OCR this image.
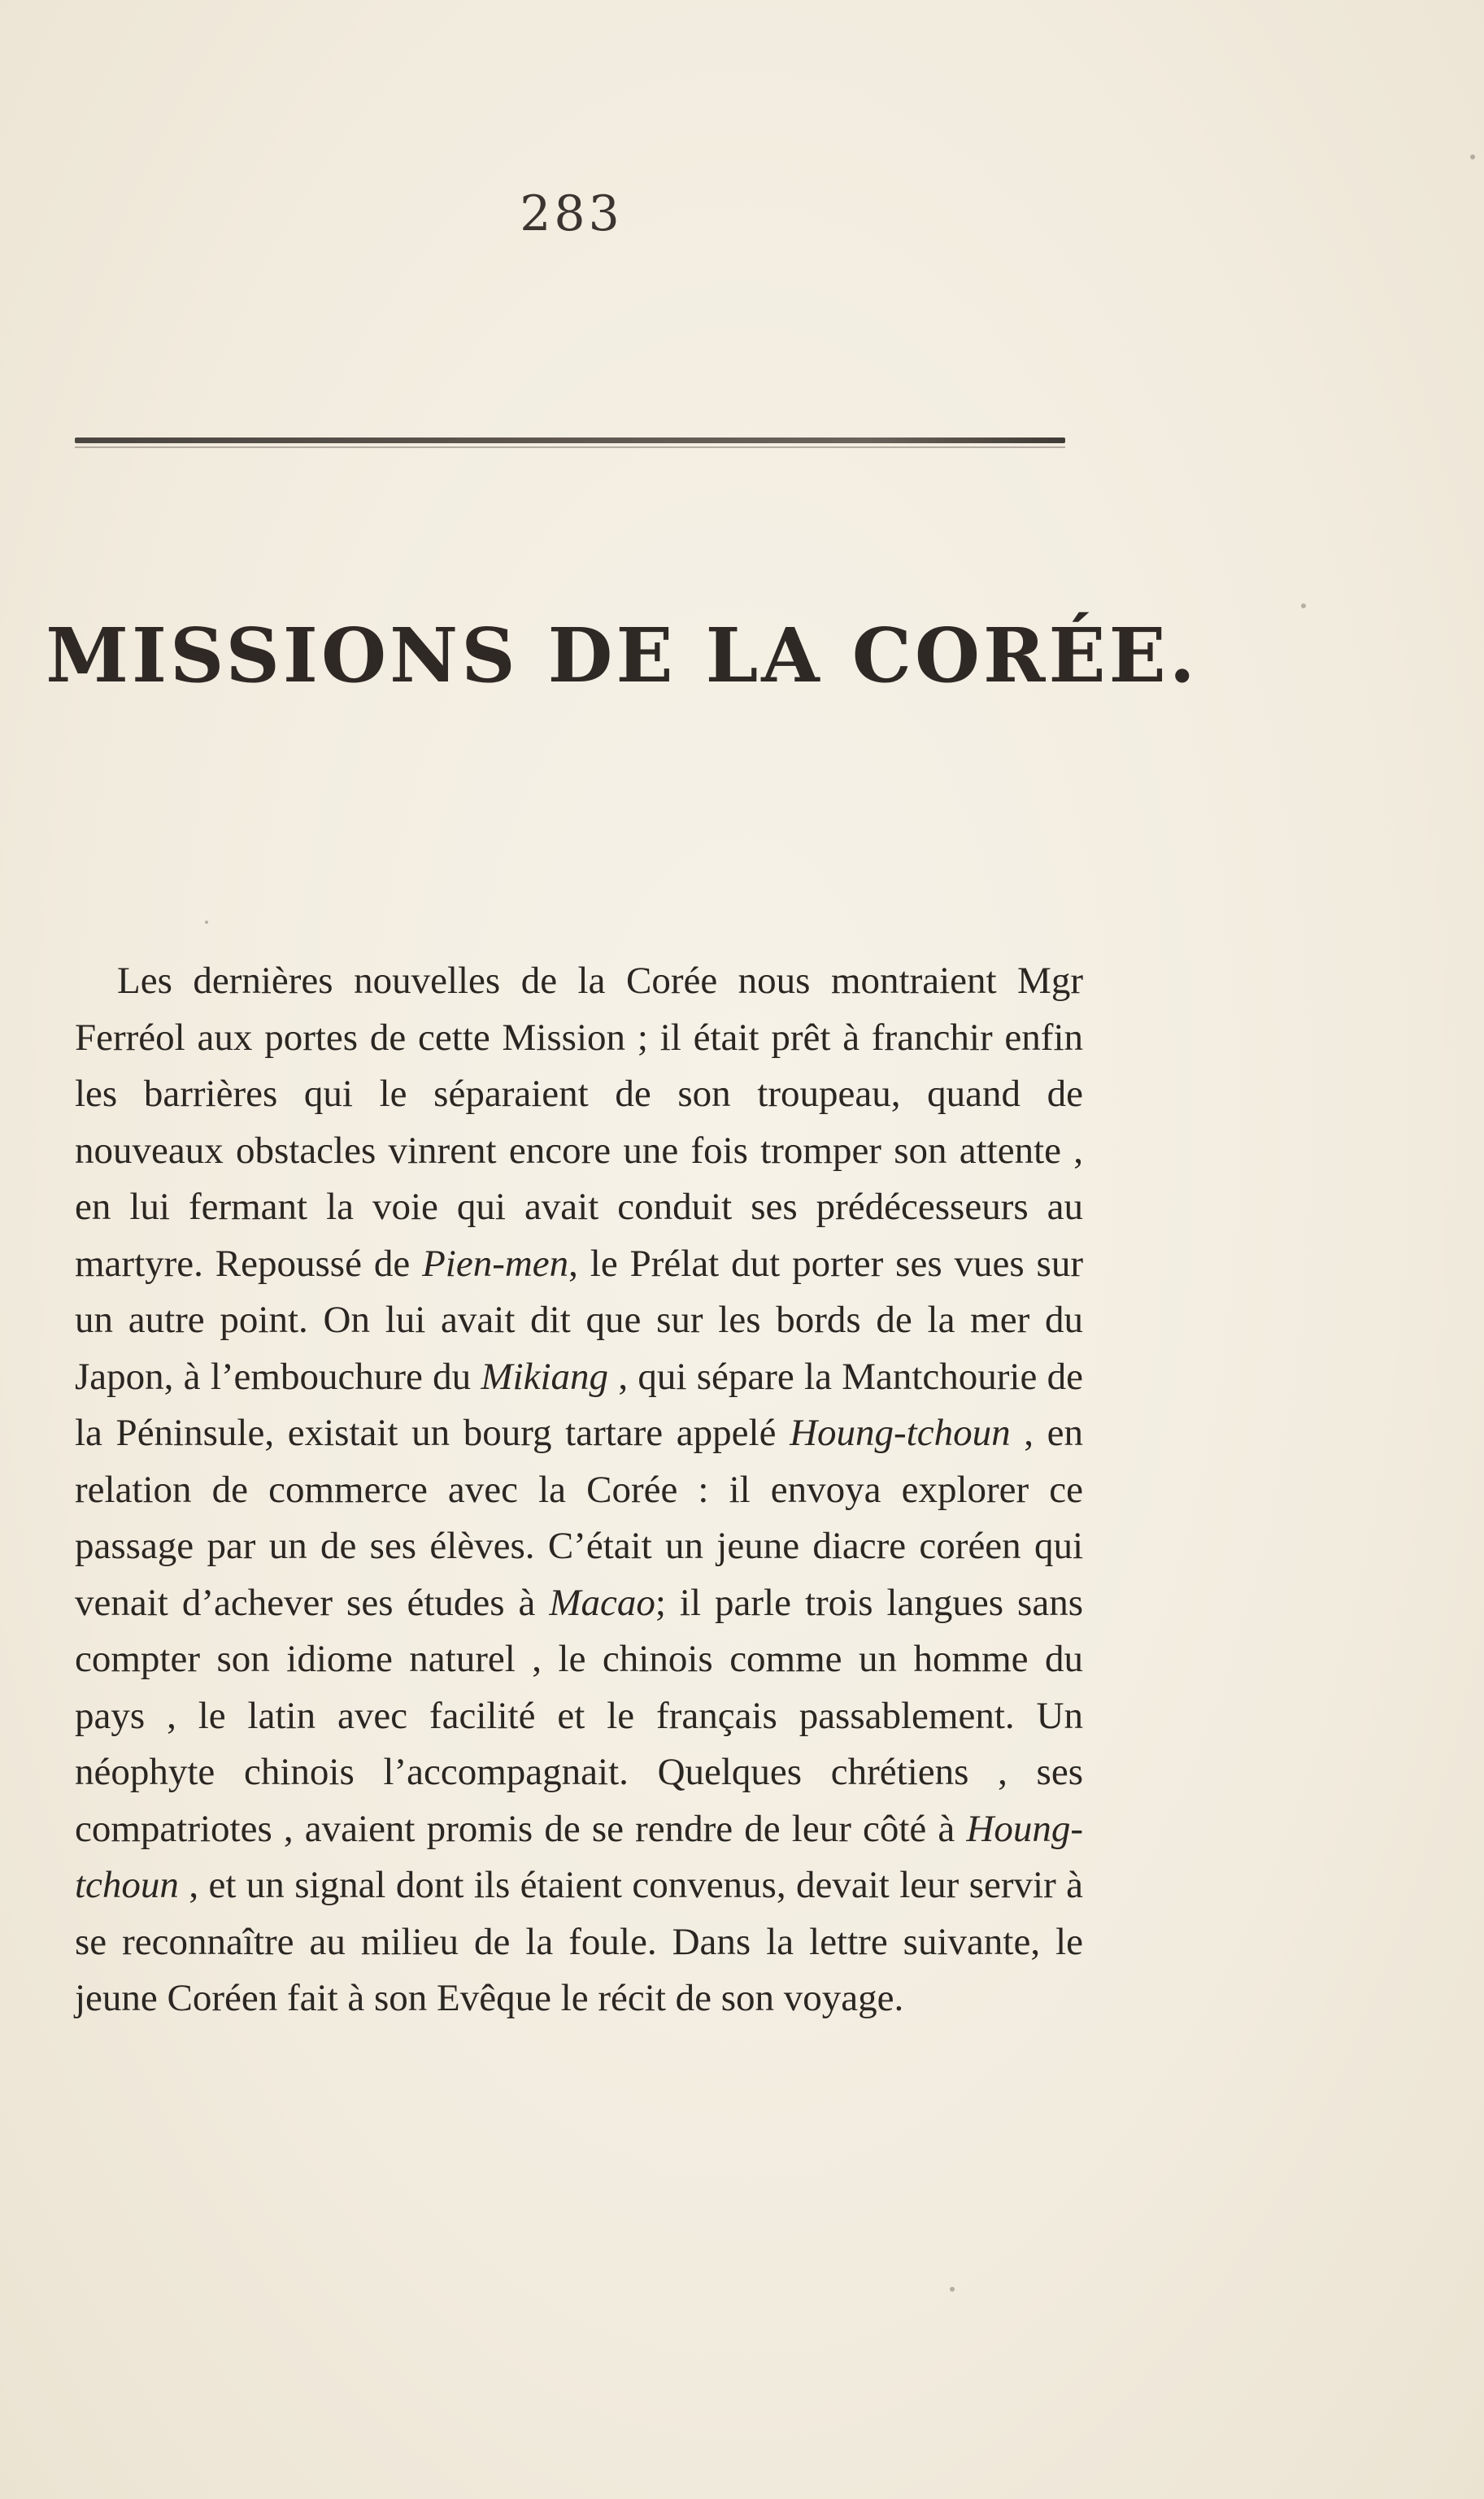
283
MISSIONS DE LA CORÉE.

Les dernières nouvelles de la Corée nous montraient Mgr Ferréol aux portes de cette Mission ; il était prêt à franchir enfin les barrières qui le séparaient de son troupeau, quand de nouveaux obstacles vinrent encore une fois tromper son attente , en lui fermant la voie qui avait conduit ses prédécesseurs au martyre. Repoussé de Pien-men, le Prélat dut porter ses vues sur un autre point. On lui avait dit que sur les bords de la mer du Japon, à l’embouchure du Mikiang , qui sépare la Mantchourie de la Péninsule, existait un bourg tartare appelé Houng-tchoun , en relation de commerce avec la Corée : il envoya explorer ce passage par un de ses élèves. C’était un jeune diacre coréen qui venait d’achever ses études à Macao; il parle trois langues sans compter son idiome naturel , le chinois comme un homme du pays , le latin avec facilité et le français passablement. Un néophyte chinois l’accompagnait. Quelques chrétiens , ses compatriotes , avaient promis de se rendre de leur côté à Houng-tchoun , et un signal dont ils étaient convenus, devait leur servir à se reconnaître au milieu de la foule. Dans la lettre suivante, le jeune Coréen fait à son Evêque le récit de son voyage.
